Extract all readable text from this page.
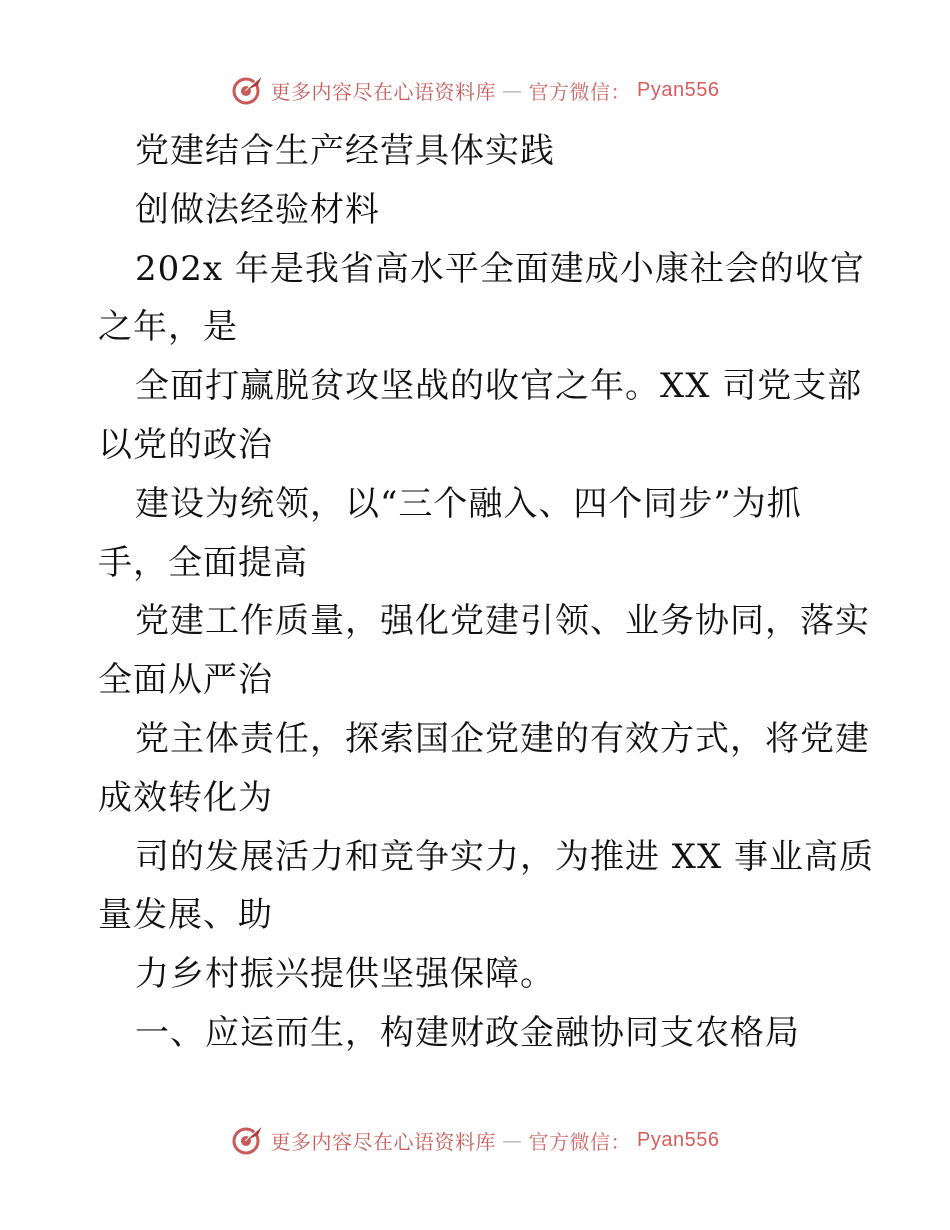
更多内容尽在心语资料库 — 官方微信： Pyan556
党建结合生产经营具体实践
创做法经验材料
202x 年是我省高水平全面建成小康社会的收官
之年，是
全面打赢脱贫攻坚战的收官之年。XX 司党支部
以党的政治
建设为统领，以“三个融入、四个同步”为抓
手，全面提高
党建工作质量，强化党建引领、业务协同，落实
全面从严治
党主体责任，探索国企党建的有效方式，将党建
成效转化为
司的发展活力和竞争实力，为推进 XX 事业高质
量发展、助
力乡村振兴提供坚强保障。
一、应运而生，构建财政金融协同支农格局
更多内容尽在心语资料库 — 官方微信： Pyan556
